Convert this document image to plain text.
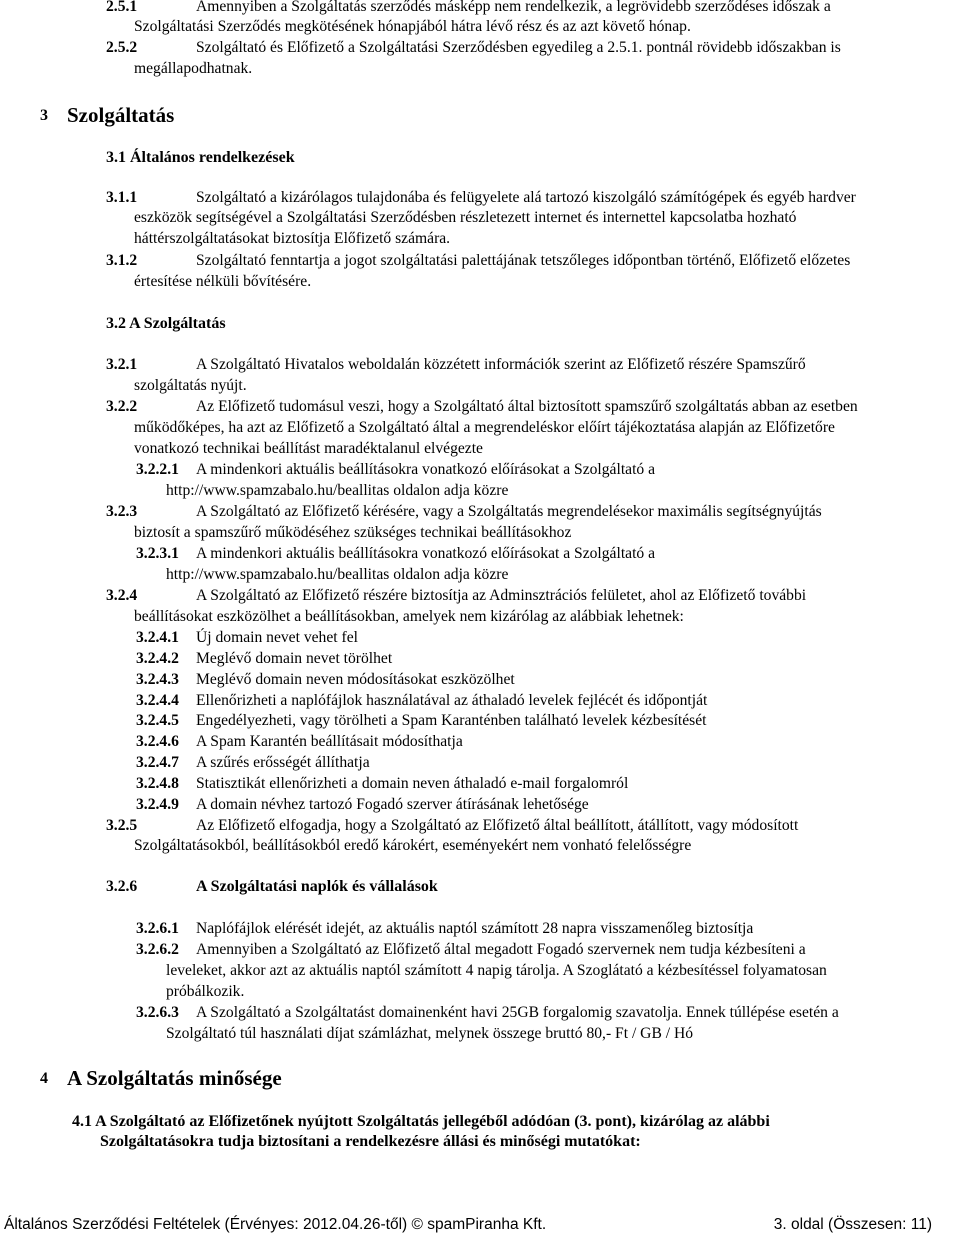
2.5.1	Amennyiben a Szolgáltatás szerződés másképp nem rendelkezik, a legrövidebb szerződéses időszak a
Szolgáltatási Szerződés megkötésének hónapjából hátra lévő rész és az azt követő hónap.
2.5.2	Szolgáltató és Előfizető a Szolgáltatási Szerződésben egyedileg a 2.5.1. pontnál rövidebb időszakban is
megállapodhatnak.
3 Szolgáltatás
3.1 Általános rendelkezések
3.1.1	Szolgáltató a kizárólagos tulajdonába és felügyelete alá tartozó kiszolgáló számítógépek és egyéb hardver
eszközök segítségével a Szolgáltatási Szerződésben részletezett internet és internettel kapcsolatba hozható
háttérszolgáltatásokat biztosítja Előfizető számára.
3.1.2	Szolgáltató fenntartja a jogot szolgáltatási palettájának tetszőleges időpontban történő, Előfizető előzetes
értesítése nélküli bővítésére.
3.2 A Szolgáltatás
3.2.1	A Szolgáltató Hivatalos weboldalán közzétett információk szerint az Előfizető részére Spamszűrő
szolgáltatás nyújt.
3.2.2	Az Előfizető tudomásul veszi, hogy a Szolgáltató által biztosított spamszűrő szolgáltatás abban az esetben
működőképes, ha azt az Előfizető a Szolgáltató által a megrendeléskor előírt tájékoztatása alapján az Előfizetőre
vonatkozó technikai beállítást maradéktalanul elvégezte
3.2.2.1 A mindenkori aktuális beállításokra vonatkozó előírásokat a Szolgáltató a
http://www.spamzabalo.hu/beallitas oldalon adja közre
3.2.3	A Szolgáltató az Előfizető kérésére, vagy a Szolgáltatás megrendelésekor maximális segítségnyújtás
biztosít a spamszűrő működéséhez szükséges technikai beállításokhoz
3.2.3.1 A mindenkori aktuális beállításokra vonatkozó előírásokat a Szolgáltató a
http://www.spamzabalo.hu/beallitas oldalon adja közre
3.2.4	A Szolgáltató az Előfizető részére biztosítja az Adminsztrációs felületet, ahol az Előfizető további
beállításokat eszközölhet a beállításokban, amelyek nem kizárólag az alábbiak lehetnek:
3.2.4.1 Új domain nevet vehet fel
3.2.4.2 Meglévő domain nevet törölhet
3.2.4.3 Meglévő domain neven módosításokat eszközölhet
3.2.4.4 Ellenőrizheti a naplófájlok használatával az áthaladó levelek fejlécét és időpontját
3.2.4.5 Engedélyezheti, vagy törölheti a Spam Karanténben található levelek kézbesítését
3.2.4.6 A Spam Karantén beállításait módosíthatja
3.2.4.7 A szűrés erősségét állíthatja
3.2.4.8 Statisztikát ellenőrizheti a domain neven áthaladó e-mail forgalomról
3.2.4.9 A domain névhez tartozó Fogadó szerver átírásának lehetősége
3.2.5	Az Előfizető elfogadja, hogy a Szolgáltató az Előfizető által beállított, átállított, vagy módosított
Szolgáltatásokból, beállításokból eredő károkért, eseményekért nem vonható felelősségre
3.2.6	A Szolgáltatási naplók és vállalások
3.2.6.1 Naplófájlok elérését idejét, az aktuális naptól számított 28 napra visszamenőleg biztosítja
3.2.6.2 Amennyiben a Szolgáltató az Előfizető által megadott Fogadó szervernek nem tudja kézbesíteni a
leveleket, akkor azt az aktuális naptól számított 4 napig tárolja. A Szoglátató a kézbesítéssel folyamatosan
próbálkozik.
3.2.6.3 A Szolgáltató a Szolgáltatást domainenként havi 25GB forgalomig szavatolja. Ennek túllépése esetén a
Szolgáltató túl használati díjat számlázhat, melynek összege bruttó 80,- Ft / GB / Hó
4 A Szolgáltatás minősége
4.1 A Szolgáltató az Előfizetőnek nyújtott Szolgáltatás jellegéből adódóan (3. pont), kizárólag az alábbi
Szolgáltatásokra tudja biztosítani a rendelkezésre állási és minőségi mutatókat:
Általános Szerződési Feltételek (Érvényes: 2012.04.26-től) © spamPiranha Kft.	3. oldal (Összesen: 11)
